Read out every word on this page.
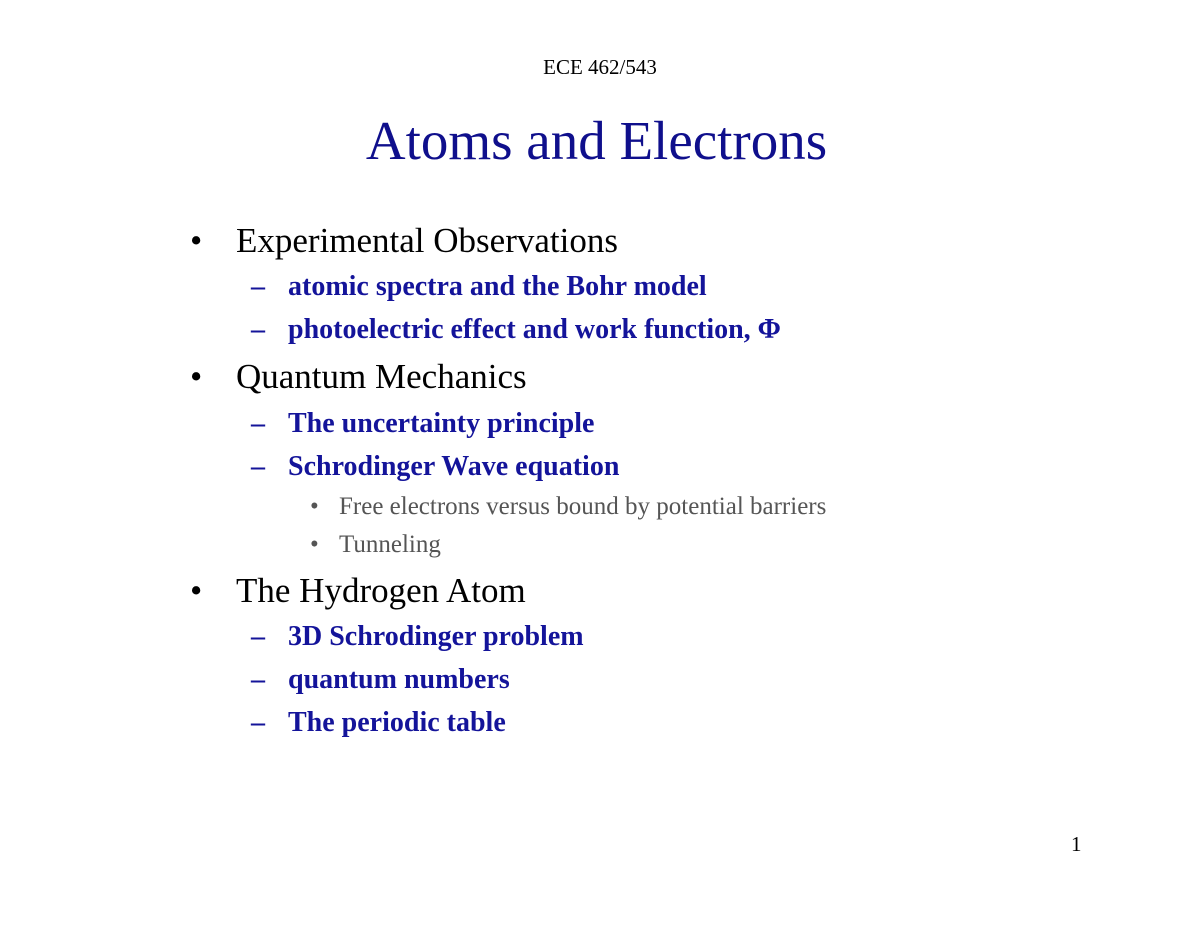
ECE 462/543
Atoms and Electrons
• Experimental Observations
– atomic spectra and the Bohr model
– photoelectric effect and work function, Φ
• Quantum Mechanics
– The uncertainty principle
– Schrodinger Wave equation
• Free electrons versus bound by potential barriers
• Tunneling
• The Hydrogen Atom
– 3D Schrodinger problem
– quantum numbers
– The periodic table
1
